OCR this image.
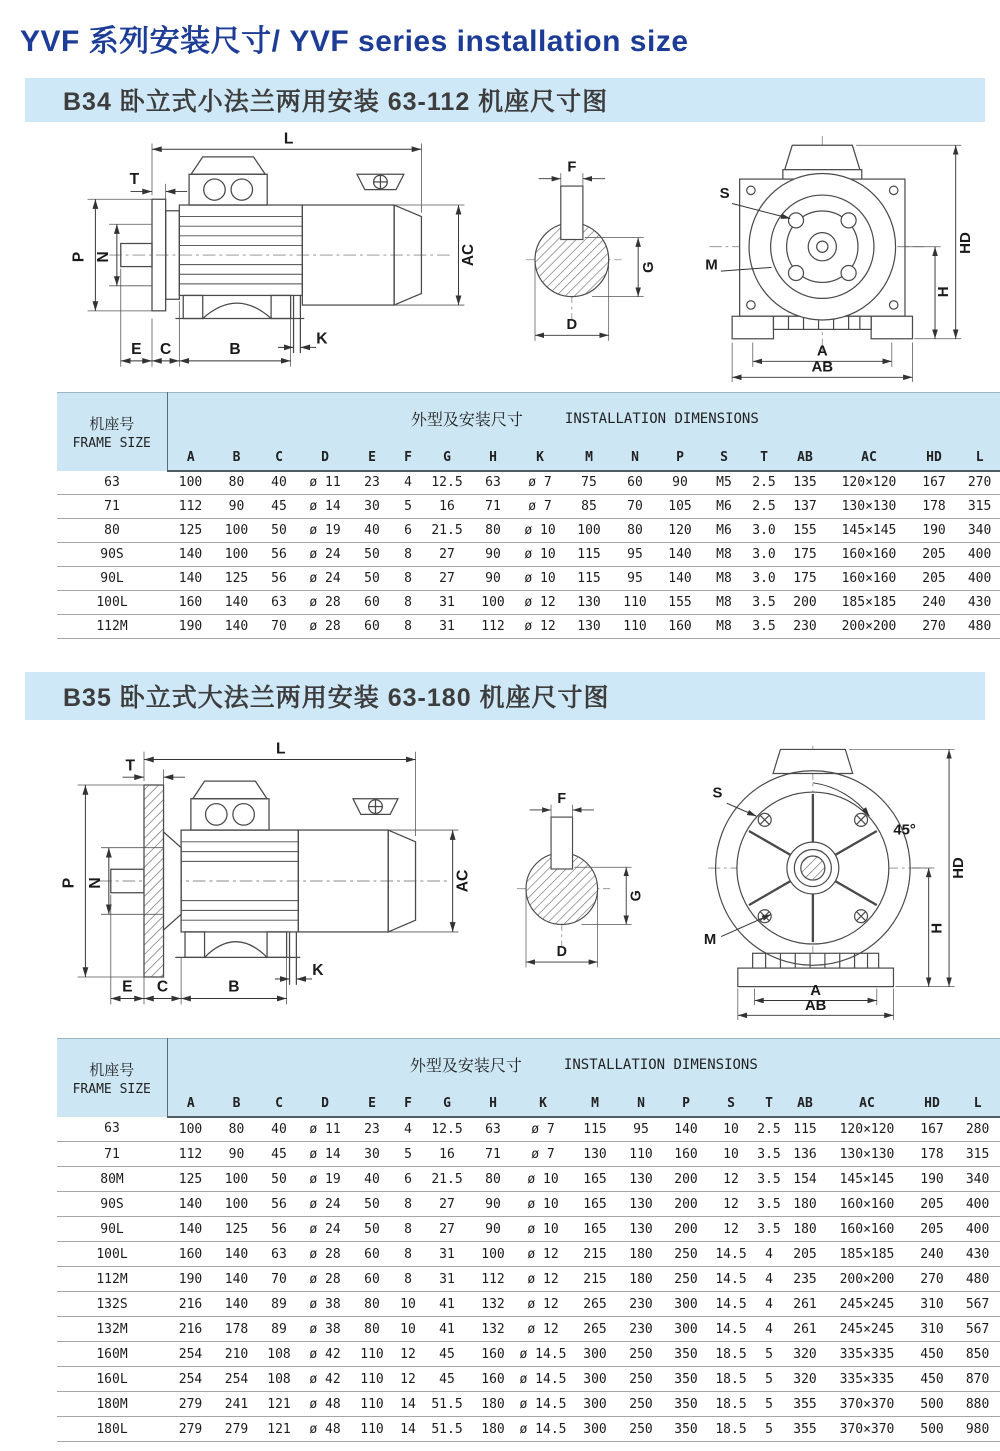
YVF 系列安装尺寸/ YVF series installation size
B34 卧立式小法兰两用安装 63-112 机座尺寸图
L
T
P N	AC
E C	B
K
F
G
D
S
M
HD
H
A
AB
机座号
FRAME SIZE

外型及安装尺寸	INSTALLATION DIMENSIONS

	A	B	C	D	E	F	G	H	K	M	N	P	S	T	AB	AC	HD	L
63	100	80	40	ø 11	23	4	12.5	63	ø 7	75	60	90	M5	2.5	135	120×120	167	270
71	112	90	45	ø 14	30	5	16	71	ø 7	85	70	105	M6	2.5	137	130×130	178	315
80	125	100	50	ø 19	40	6	21.5	80	ø 10	100	80	120	M6	3.0	155	145×145	190	340
90S	140	100	56	ø 24	50	8	27	90	ø 10	115	95	140	M8	3.0	175	160×160	205	400
90L	140	125	56	ø 24	50	8	27	90	ø 10	115	95	140	M8	3.0	175	160×160	205	400
100L	160	140	63	ø 28	60	8	31	100	ø 12	130	110	155	M8	3.5	200	185×185	240	430
112M	190	140	70	ø 28	60	8	31	112	ø 12	130	110	160	M8	3.5	230	200×200	270	480
B35 卧立式大法兰两用安装 63-180 机座尺寸图
L
T
P N	AC
E C	B
K
F
G
D
45°
S
M
HD
H
A
AB
机座号
FRAME SIZE

外型及安装尺寸	INSTALLATION DIMENSIONS

	A	B	C	D	E	F	G	H	K	M	N	P	S	T	AB	AC	HD	L
63	100	80	40	ø 11	23	4	12.5	63	ø 7	115	95	140	10	2.5	115	120×120	167	280
71	112	90	45	ø 14	30	5	16	71	ø 7	130	110	160	10	3.5	136	130×130	178	315
80M	125	100	50	ø 19	40	6	21.5	80	ø 10	165	130	200	12	3.5	154	145×145	190	340
90S	140	100	56	ø 24	50	8	27	90	ø 10	165	130	200	12	3.5	180	160×160	205	400
90L	140	125	56	ø 24	50	8	27	90	ø 10	165	130	200	12	3.5	180	160×160	205	400
100L	160	140	63	ø 28	60	8	31	100	ø 12	215	180	250	14.5	4	205	185×185	240	430
112M	190	140	70	ø 28	60	8	31	112	ø 12	215	180	250	14.5	4	235	200×200	270	480
132S	216	140	89	ø 38	80	10	41	132	ø 12	265	230	300	14.5	4	261	245×245	310	567
132M	216	178	89	ø 38	80	10	41	132	ø 12	265	230	300	14.5	4	261	245×245	310	567
160M	254	210	108	ø 42	110	12	45	160	ø 14.5	300	250	350	18.5	5	320	335×335	450	850
160L	254	254	108	ø 42	110	12	45	160	ø 14.5	300	250	350	18.5	5	320	335×335	450	870
180M	279	241	121	ø 48	110	14	51.5	180	ø 14.5	300	250	350	18.5	5	355	370×370	500	880
180L	279	279	121	ø 48	110	14	51.5	180	ø 14.5	300	250	350	18.5	5	355	370×370	500	980
